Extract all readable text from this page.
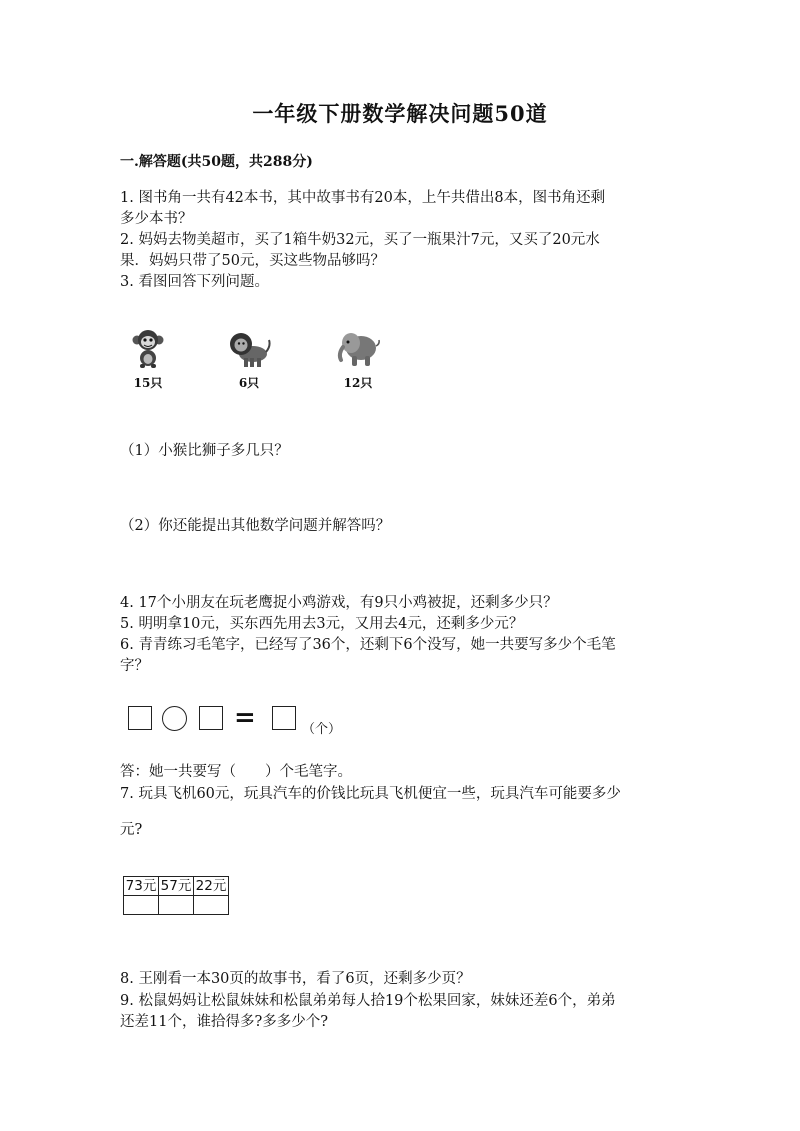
一年级下册数学解决问题50道
一.解答题(共50题，共288分)
1. 图书角一共有42本书，其中故事书有20本，上午共借出8本，图书角还剩
多少本书？
2. 妈妈去物美超市，买了1箱牛奶32元，买了一瓶果汁7元，又买了20元水
果．妈妈只带了50元，买这些物品够吗？
3. 看图回答下列问题。
15只	6只	12只
（1）小猴比狮子多几只？
（2）你还能提出其他数学问题并解答吗？
4. 17个小朋友在玩老鹰捉小鸡游戏，有9只小鸡被捉，还剩多少只？
5. 明明拿10元，买东西先用去3元，又用去4元，还剩多少元？
6. 青青练习毛笔字，已经写了36个，还剩下6个没写，她一共要写多少个毛笔
字？
=	（个）
答：她一共要写（　　）个毛笔字。
7. 玩具飞机60元，玩具汽车的价钱比玩具飞机便宜一些，玩具汽车可能要多少
元?
73元	57元	22元

8. 王刚看一本30页的故事书，看了6页，还剩多少页？
9. 松鼠妈妈让松鼠妹妹和松鼠弟弟每人拾19个松果回家，妹妹还差6个，弟弟
还差11个，谁拾得多?多多少个?
